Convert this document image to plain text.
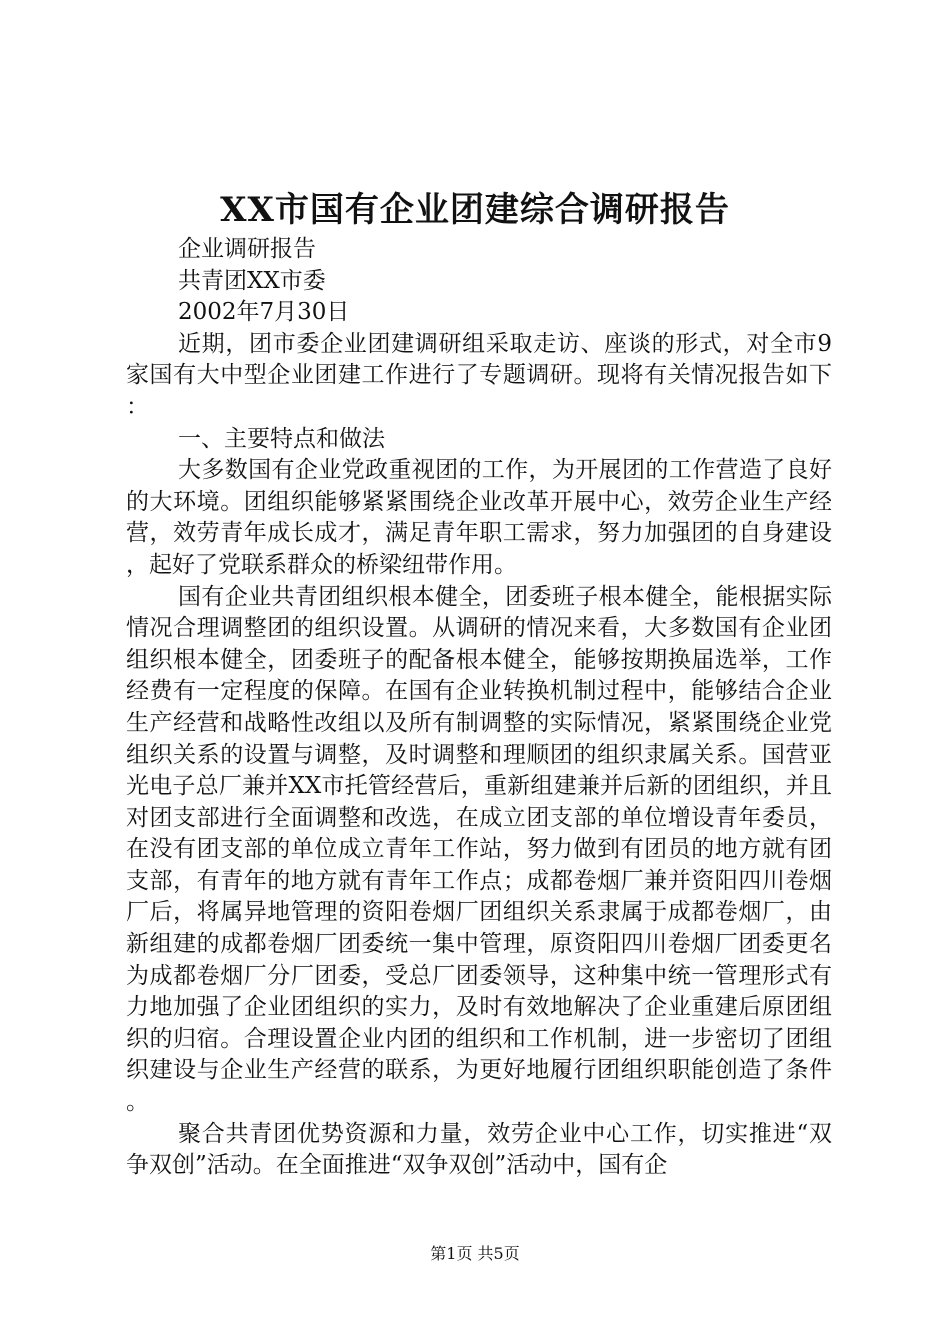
XX市国有企业团建综合调研报告

企业调研报告

共青团XX市委

2002年7月30日

近期，团市委企业团建调研组采取走访、座谈的形式，对全市9家国有大中型企业团建工作进行了专题调研。现将有关情况报告如下：

一、主要特点和做法

大多数国有企业党政重视团的工作，为开展团的工作营造了良好的大环境。团组织能够紧紧围绕企业改革开展中心，效劳企业生产经营，效劳青年成长成才，满足青年职工需求，努力加强团的自身建设，起好了党联系群众的桥梁纽带作用。

国有企业共青团组织根本健全，团委班子根本健全，能根据实际情况合理调整团的组织设置。从调研的情况来看，大多数国有企业团组织根本健全，团委班子的配备根本健全，能够按期换届选举，工作经费有一定程度的保障。在国有企业转换机制过程中，能够结合企业生产经营和战略性改组以及所有制调整的实际情况，紧紧围绕企业党组织关系的设置与调整，及时调整和理顺团的组织隶属关系。国营亚光电子总厂兼并XX市托管经营后，重新组建兼并后新的团组织，并且对团支部进行全面调整和改选，在成立团支部的单位增设青年委员，在没有团支部的单位成立青年工作站，努力做到有团员的地方就有团支部，有青年的地方就有青年工作点；成都卷烟厂兼并资阳四川卷烟厂后，将属异地管理的资阳卷烟厂团组织关系隶属于成都卷烟厂，由新组建的成都卷烟厂团委统一集中管理，原资阳四川卷烟厂团委更名为成都卷烟厂分厂团委，受总厂团委领导，这种集中统一管理形式有力地加强了企业团组织的实力，及时有效地解决了企业重建后原团组织的归宿。合理设置企业内团的组织和工作机制，进一步密切了团组织建设与企业生产经营的联系，为更好地履行团组织职能创造了条件。

聚合共青团优势资源和力量，效劳企业中心工作，切实推进“双争双创”活动。在全面推进“双争双创”活动中，国有企

第1页 共5页
